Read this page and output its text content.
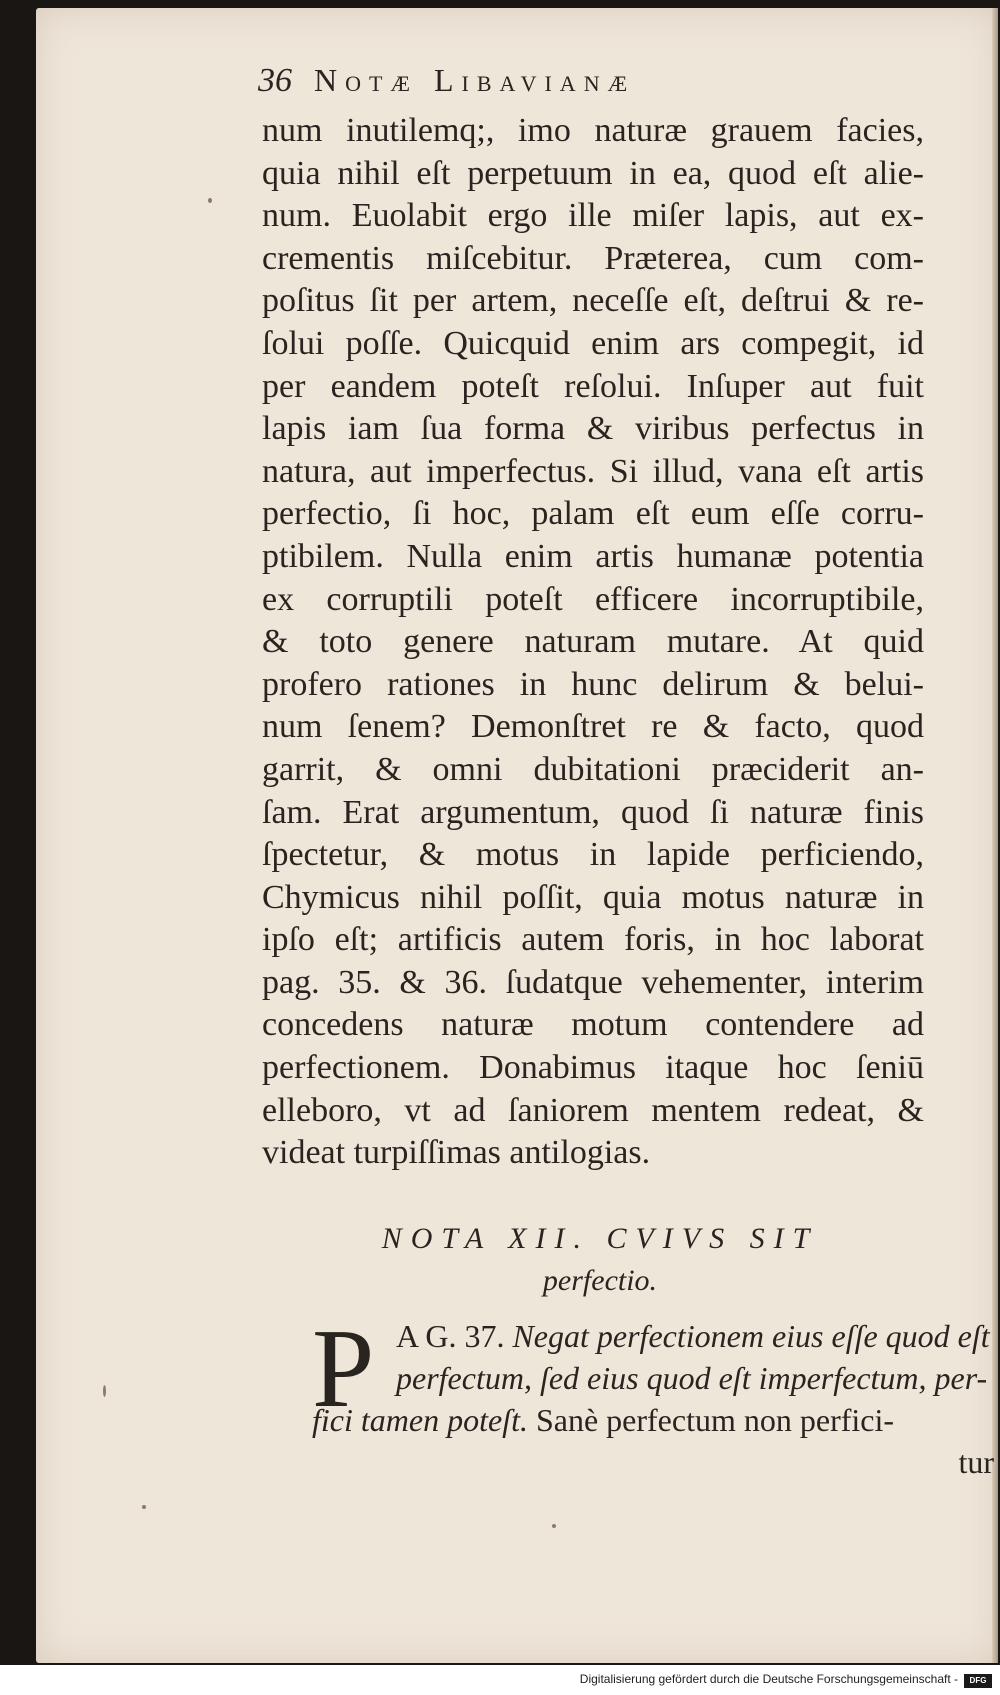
36 Notæ Libavianæ
num inutilemq;, imo naturæ grauem facies,
quia nihil eſt perpetuum in ea, quod eſt alie-
num. Euolabit ergo ille miſer lapis, aut ex-
crementis miſcebitur. Præterea, cum com-
poſitus ſit per artem, neceſſe eſt, deſtrui & re-
ſolui poſſe. Quicquid enim ars compegit, id
per eandem poteſt reſolui. Inſuper aut fuit
lapis iam ſua forma & viribus perfectus in
natura, aut imperfectus. Si illud, vana eſt artis
perfectio, ſi hoc, palam eſt eum eſſe corru-
ptibilem. Nulla enim artis humanæ potentia
ex corruptili poteſt efficere incorruptibile,
& toto genere naturam mutare. At quid
profero rationes in hunc delirum & belui-
num ſenem? Demonſtret re & facto, quod
garrit, & omni dubitationi præciderit an-
ſam. Erat argumentum, quod ſi naturæ finis
ſpectetur, & motus in lapide perficiendo,
Chymicus nihil poſſit, quia motus naturæ in
ipſo eſt; artificis autem foris, in hoc laborat
pag. 35. & 36. ſudatque vehementer, interim
concedens naturæ motum contendere ad
perfectionem. Donabimus itaque hoc ſeniū
elleboro, vt ad ſaniorem mentem redeat, &
videat turpiſſimas antilogias.
NOTA XII. CVIVS SIT
perfectio.
P A G. 37. Negat perfectionem eius eſſe quod eſt
perfectum, ſed eius quod eſt imperfectum, per-
fici tamen poteſt. Sanè perfectum non perfici-
tur
Digitalisierung gefördert durch die Deutsche Forschungsgemeinschaft -	DFG
